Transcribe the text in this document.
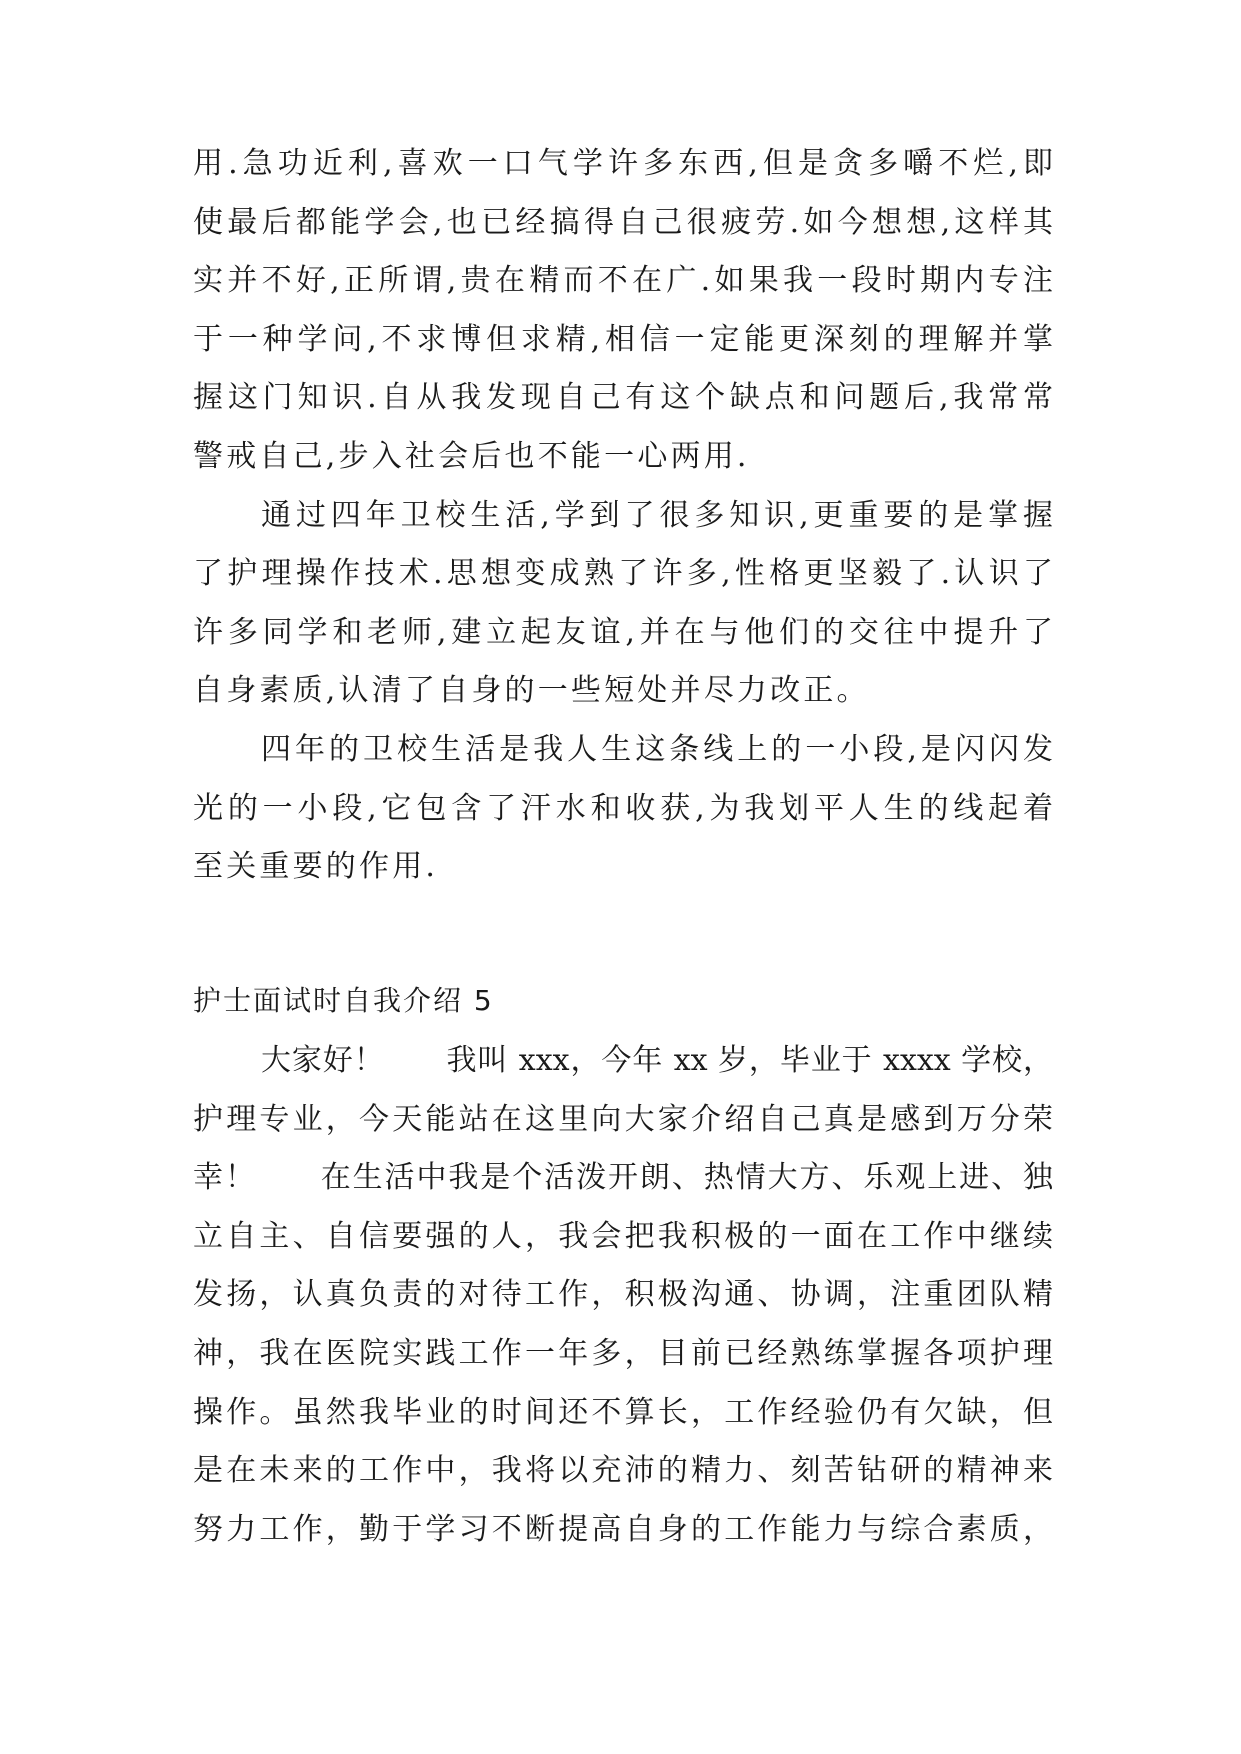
用.急功近利,喜欢一口气学许多东西,但是贪多嚼不烂,即
使最后都能学会,也已经搞得自己很疲劳.如今想想,这样其
实并不好,正所谓,贵在精而不在广.如果我一段时期内专注
于一种学问,不求博但求精,相信一定能更深刻的理解并掌
握这门知识.自从我发现自己有这个缺点和问题后,我常常
警戒自己,步入社会后也不能一心两用.
通过四年卫校生活,学到了很多知识,更重要的是掌握
了护理操作技术.思想变成熟了许多,性格更坚毅了.认识了
许多同学和老师,建立起友谊,并在与他们的交往中提升了
自身素质,认清了自身的一些短处并尽力改正。
四年的卫校生活是我人生这条线上的一小段,是闪闪发
光的一小段,它包含了汗水和收获,为我划平人生的线起着
至关重要的作用.
护士面试时自我介绍 5
大家好！　　我叫 xxx，今年 xx 岁，毕业于 xxxx 学校，
护理专业，今天能站在这里向大家介绍自己真是感到万分荣
幸！　　在生活中我是个活泼开朗、热情大方、乐观上进、独
立自主、自信要强的人，我会把我积极的一面在工作中继续
发扬，认真负责的对待工作，积极沟通、协调，注重团队精
神，我在医院实践工作一年多，目前已经熟练掌握各项护理
操作。虽然我毕业的时间还不算长，工作经验仍有欠缺，但
是在未来的工作中，我将以充沛的精力、刻苦钻研的精神来
努力工作，勤于学习不断提高自身的工作能力与综合素质，
